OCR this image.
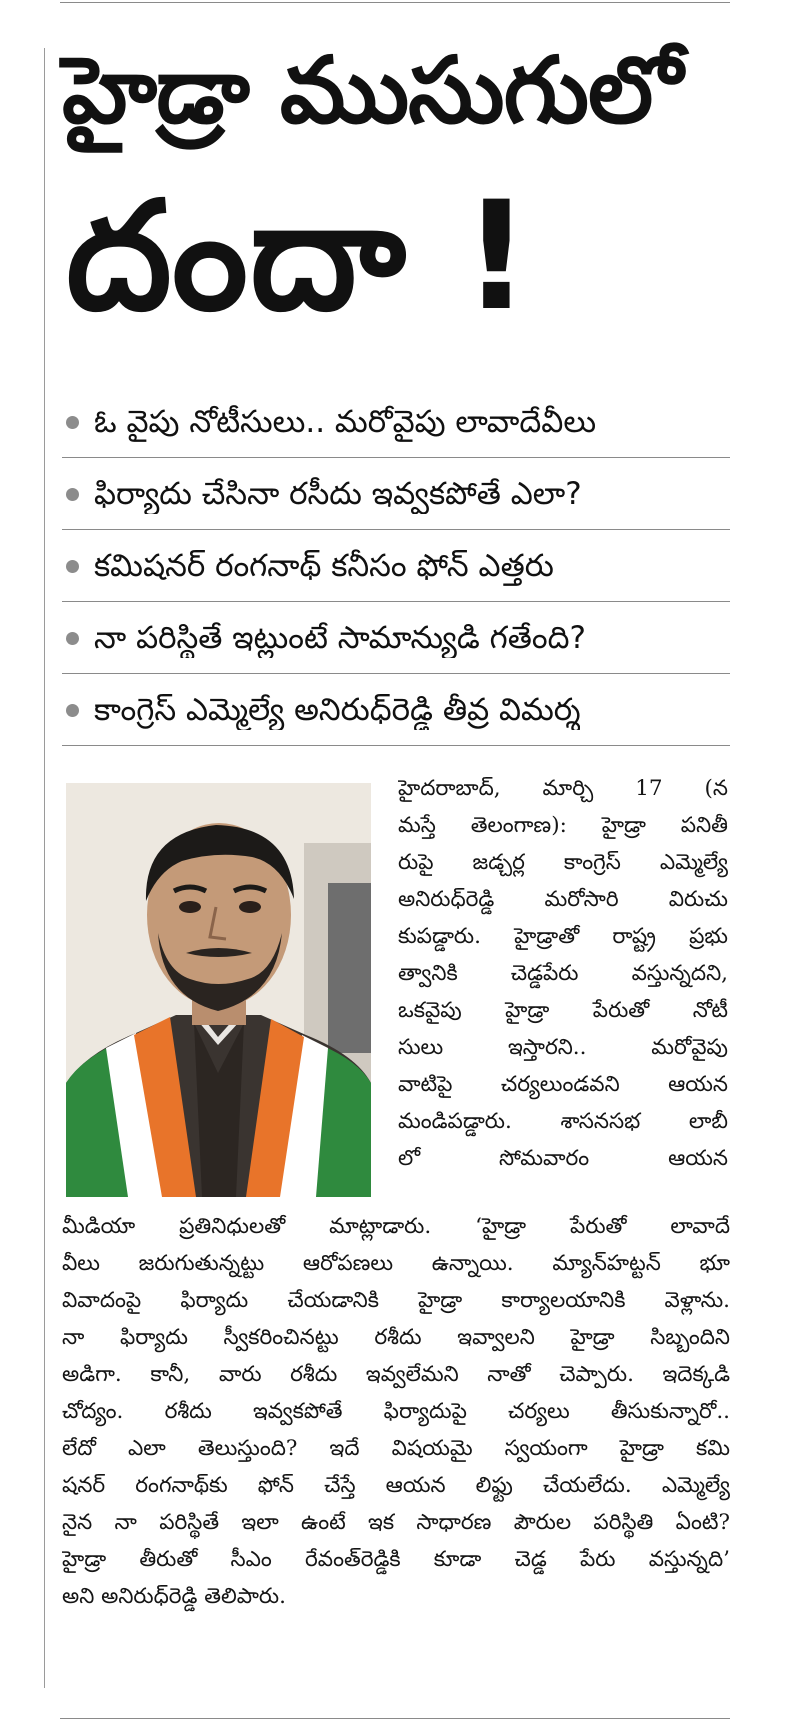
హైడ్రా ముసుగులో
దందా !
ఓ వైపు నోటీసులు.. మరోవైపు లావాదేవీలు
ఫిర్యాదు చేసినా రసీదు ఇవ్వకపోతే ఎలా?
కమిషనర్ రంగనాథ్ కనీసం ఫోన్ ఎత్తరు
నా పరిస్థితే ఇట్లుంటే సామాన్యుడి గతేంది?
కాంగ్రెస్ ఎమ్మెల్యే అనిరుధ్‌రెడ్డి తీవ్ర విమర్శ

హైదరాబాద్, మార్చి 17 (న

మస్తే తెలంగాణ): హైడ్రా పనితీ

రుపై జడ్చర్ల కాంగ్రెస్ ఎమ్మెల్యే

అనిరుధ్‌రెడ్డి మరోసారి విరుచు

కుపడ్డారు. హైడ్రాతో రాష్ట్ర ప్రభు

త్వానికి చెడ్డపేరు వస్తున్నదని,

ఒకవైపు హైడ్రా పేరుతో నోటీ

సులు ఇస్తారని.. మరోవైపు

వాటిపై చర్యలుండవని ఆయన

మండిపడ్డారు. శాసనసభ లాబీ

లో సోమవారం ఆయన

మీడియా ప్రతినిధులతో మాట్లాడారు. ‘హైడ్రా పేరుతో లావాదే

వీలు జరుగుతున్నట్టు ఆరోపణలు ఉన్నాయి. మ్యాన్‌హట్టన్ భూ

వివాదంపై ఫిర్యాదు చేయడానికి హైడ్రా కార్యాలయానికి వెళ్లాను.

నా ఫిర్యాదు స్వీకరించినట్టు రశీదు ఇవ్వాలని హైడ్రా సిబ్బందిని

అడిగా. కానీ, వారు రశీదు ఇవ్వలేమని నాతో చెప్పారు. ఇదెక్కడి

చోద్యం. రశీదు ఇవ్వకపోతే ఫిర్యాదుపై చర్యలు తీసుకున్నారో..

లేదో ఎలా తెలుస్తుంది? ఇదే విషయమై స్వయంగా హైడ్రా కమి

షనర్ రంగనాథ్‌కు ఫోన్ చేస్తే ఆయన లిఫ్టు చేయలేదు. ఎమ్మెల్యే

నైన నా పరిస్థితే ఇలా ఉంటే ఇక సాధారణ పౌరుల పరిస్థితి ఏంటి?

హైడ్రా తీరుతో సీఎం రేవంత్‌రెడ్డికి కూడా చెడ్డ పేరు వస్తున్నది’

అని అనిరుధ్‌రెడ్డి తెలిపారు.
